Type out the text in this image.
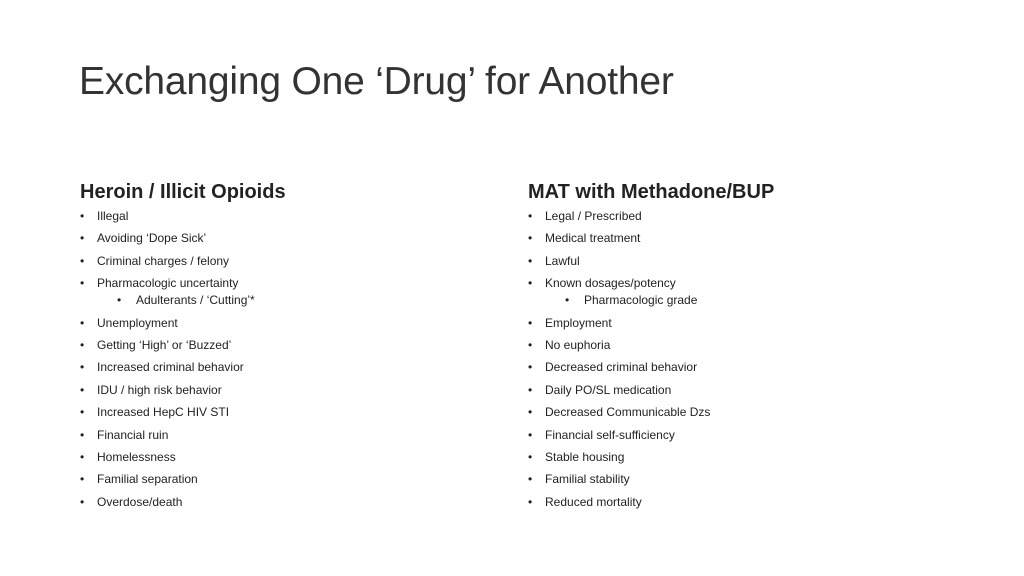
Exchanging One ‘Drug’ for Another
Heroin / Illicit Opioids
• Illegal
• Avoiding ‘Dope Sick’
• Criminal charges / felony
• Pharmacologic uncertainty
• Adulterants / ‘Cutting’*
• Unemployment
• Getting ‘High’ or ‘Buzzed’
• Increased criminal behavior
• IDU / high risk behavior
• Increased HepC HIV STI
• Financial ruin
• Homelessness
• Familial separation
• Overdose/death
MAT with Methadone/BUP
• Legal / Prescribed
• Medical treatment
• Lawful
• Known dosages/potency
• Pharmacologic grade
• Employment
• No euphoria
• Decreased criminal behavior
• Daily PO/SL medication
• Decreased Communicable Dzs
• Financial self-sufficiency
• Stable housing
• Familial stability
• Reduced mortality
